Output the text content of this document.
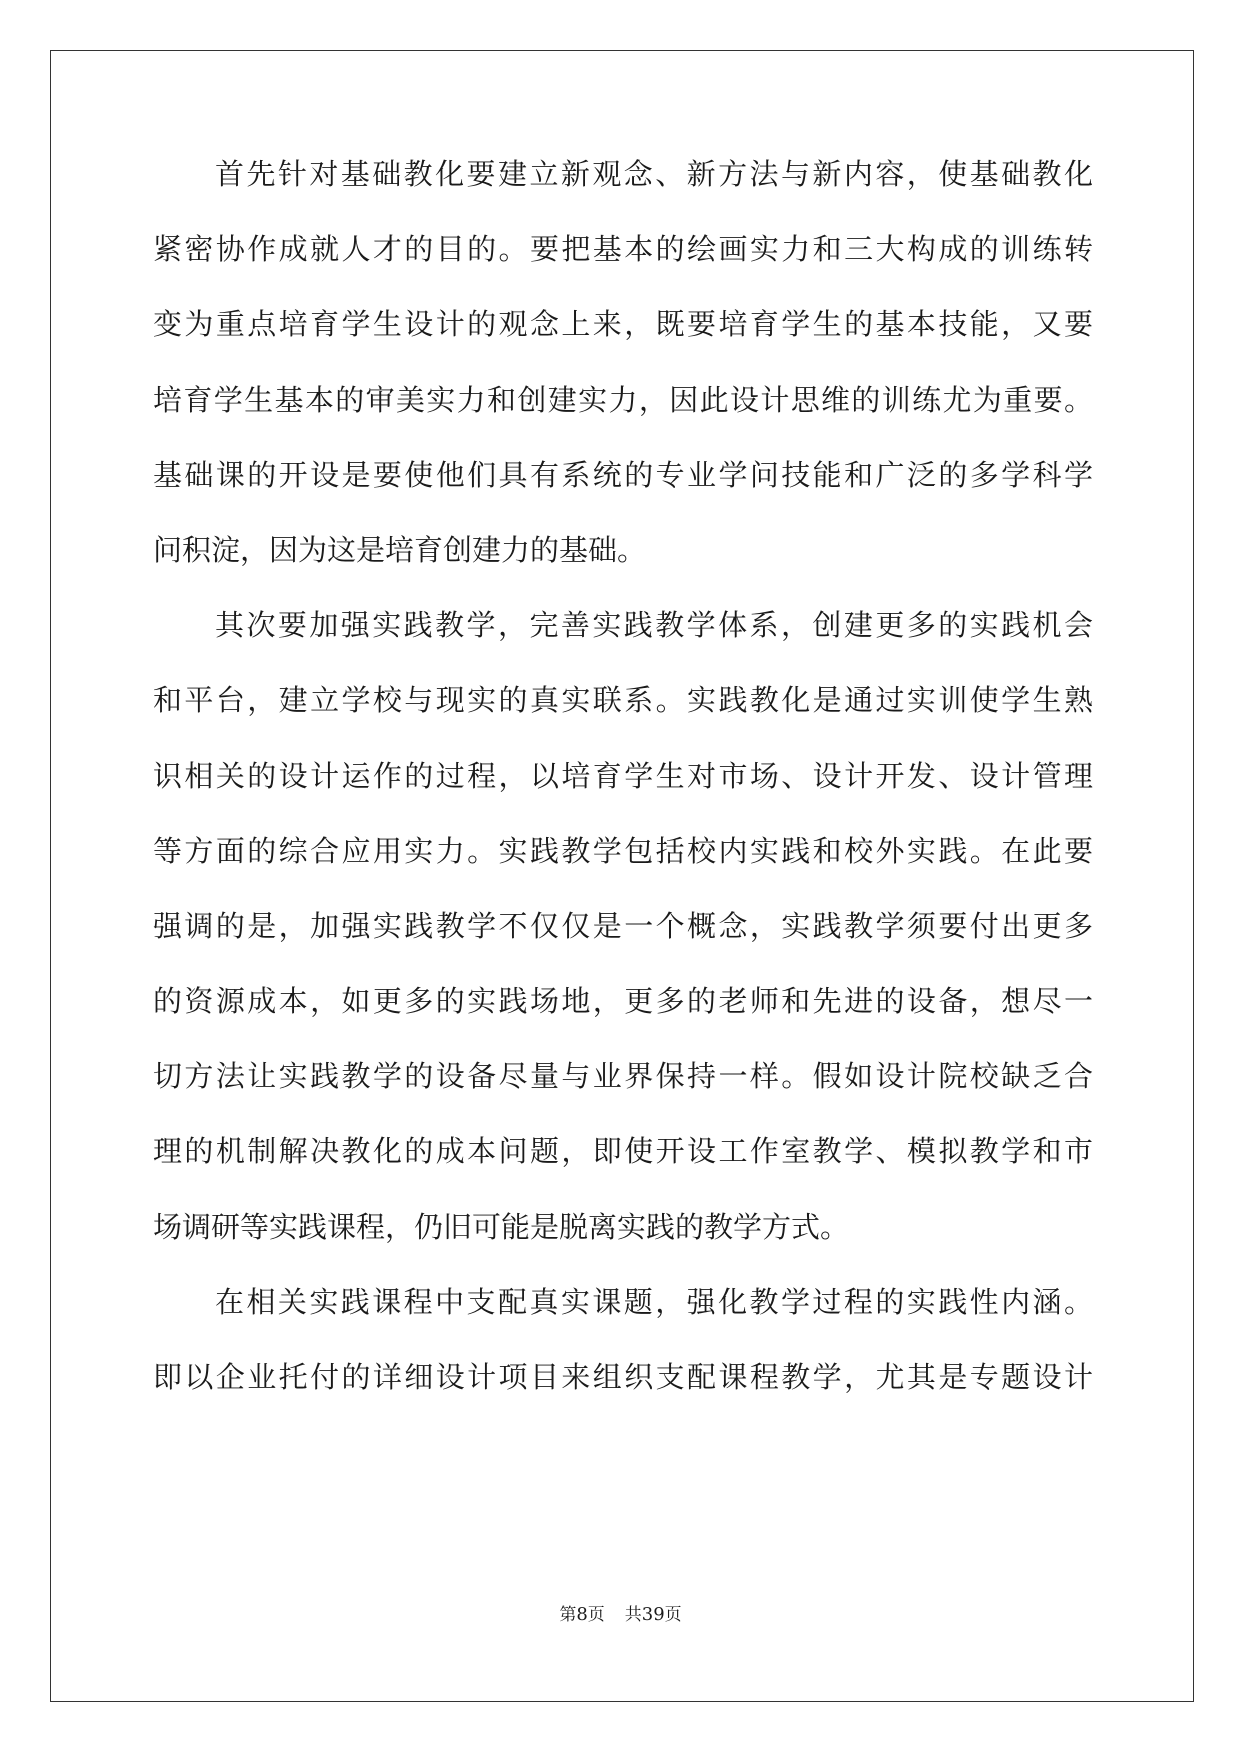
首先针对基础教化要建立新观念、新方法与新内容，使基础教化
紧密协作成就人才的目的。要把基本的绘画实力和三大构成的训练转
变为重点培育学生设计的观念上来，既要培育学生的基本技能，又要
培育学生基本的审美实力和创建实力，因此设计思维的训练尤为重要。
基础课的开设是要使他们具有系统的专业学问技能和广泛的多学科学
问积淀，因为这是培育创建力的基础。
其次要加强实践教学，完善实践教学体系，创建更多的实践机会
和平台，建立学校与现实的真实联系。实践教化是通过实训使学生熟
识相关的设计运作的过程，以培育学生对市场、设计开发、设计管理
等方面的综合应用实力。实践教学包括校内实践和校外实践。在此要
强调的是，加强实践教学不仅仅是一个概念，实践教学须要付出更多
的资源成本，如更多的实践场地，更多的老师和先进的设备，想尽一
切方法让实践教学的设备尽量与业界保持一样。假如设计院校缺乏合
理的机制解决教化的成本问题，即使开设工作室教学、模拟教学和市
场调研等实践课程，仍旧可能是脱离实践的教学方式。
在相关实践课程中支配真实课题，强化教学过程的实践性内涵。
即以企业托付的详细设计项目来组织支配课程教学，尤其是专题设计
第8页 共39页
